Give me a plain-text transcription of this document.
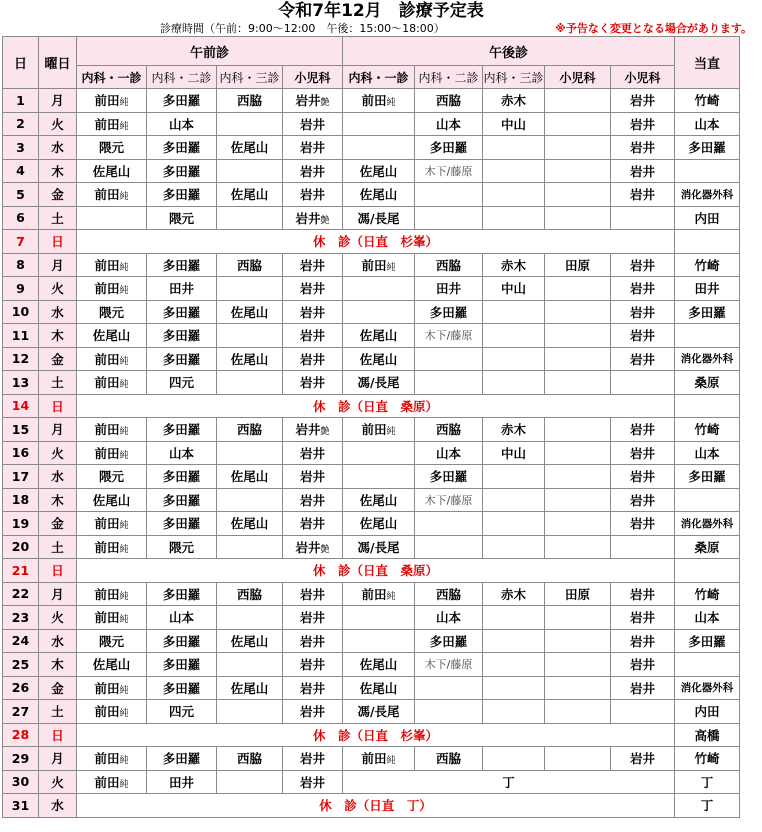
令和7年12月　診療予定表
診療時間（午前：9:00～12:00　午後：15:00～18:00）	※予告なく変更となる場合があります。
日	曜日	午前診				午後診					当直
		内科・一診	内科・二診	内科・三診	小児科	内科・一診	内科・二診	内科・三診	小児科	小児科	
1	月	前田純	多田羅	西脇	岩井艶	前田純	西脇	赤木		岩井	竹崎
2	火	前田純	山本		岩井		山本	中山		岩井	山本
3	水	隈元	多田羅	佐尾山	岩井		多田羅			岩井	多田羅
4	木	佐尾山	多田羅		岩井	佐尾山	木下/藤原			岩井	
5	金	前田純	多田羅	佐尾山	岩井	佐尾山				岩井	消化器外科
6	土		隈元		岩井艶	馮/長尾					内田
7	日	休　診（日直　杉峯）									
8	月	前田純	多田羅	西脇	岩井	前田純	西脇	赤木	田原	岩井	竹崎
9	火	前田純	田井		岩井		田井	中山		岩井	田井
10	水	隈元	多田羅	佐尾山	岩井		多田羅			岩井	多田羅
11	木	佐尾山	多田羅		岩井	佐尾山	木下/藤原			岩井	
12	金	前田純	多田羅	佐尾山	岩井	佐尾山				岩井	消化器外科
13	土	前田純	四元		岩井	馮/長尾					桑原
14	日	休　診（日直　桑原）									
15	月	前田純	多田羅	西脇	岩井艶	前田純	西脇	赤木		岩井	竹崎
16	火	前田純	山本		岩井		山本	中山		岩井	山本
17	水	隈元	多田羅	佐尾山	岩井		多田羅			岩井	多田羅
18	木	佐尾山	多田羅		岩井	佐尾山	木下/藤原			岩井	
19	金	前田純	多田羅	佐尾山	岩井	佐尾山				岩井	消化器外科
20	土	前田純	隈元		岩井艶	馮/長尾					桑原
21	日	休　診（日直　桑原）									
22	月	前田純	多田羅	西脇	岩井	前田純	西脇	赤木	田原	岩井	竹崎
23	火	前田純	山本		岩井		山本			岩井	山本
24	水	隈元	多田羅	佐尾山	岩井		多田羅			岩井	多田羅
25	木	佐尾山	多田羅		岩井	佐尾山	木下/藤原			岩井	
26	金	前田純	多田羅	佐尾山	岩井	佐尾山				岩井	消化器外科
27	土	前田純	四元		岩井	馮/長尾					内田
28	日	休　診（日直　杉峯）									高橋
29	月	前田純	多田羅	西脇	岩井	前田純	西脇			岩井	竹崎
30	火	前田純	田井		岩井	丁					丁
31	水	休　診（日直　丁）									丁
